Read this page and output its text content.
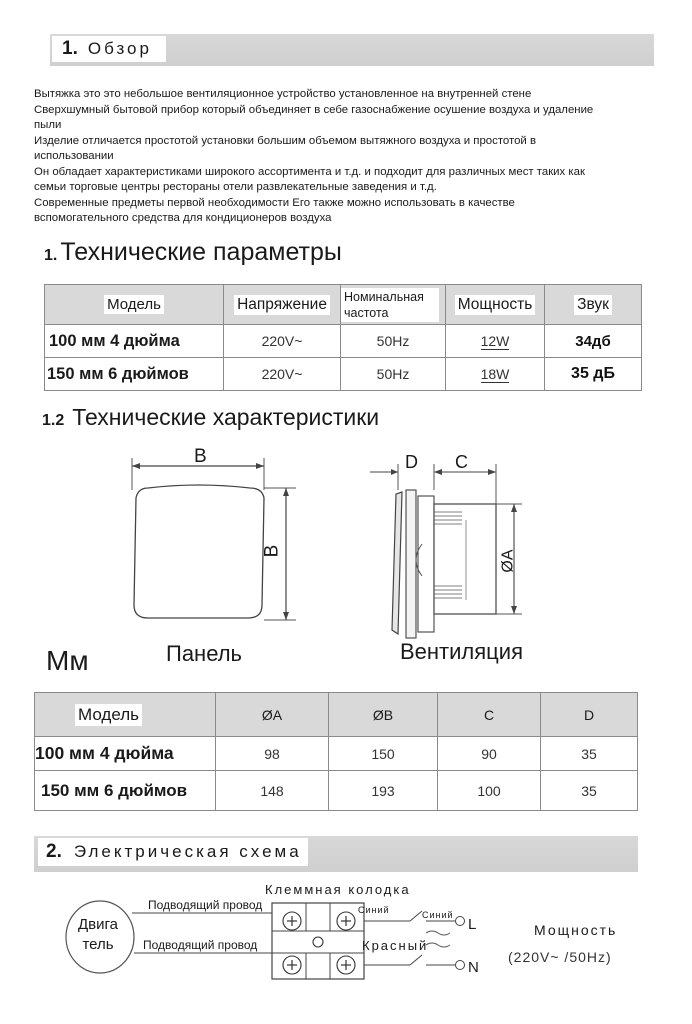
1. Обзор

Вытяжка это это небольшое вентиляционное устройство установленное на внутренней стене

Сверхшумный бытовой прибор который объединяет в себе газоснабжение осушение воздуха и удаление

пыли

Изделие отличается простотой установки большим объемом вытяжного воздуха и простотой в

использовании

Он обладает характеристиками широкого ассортимента и т.д. и подходит для различных мест таких как

семьи торговые центры рестораны отели развлекательные заведения и т.д.

Современные предметы первой необходимости Его также можно использовать в качестве

вспомогательного средства для кондиционеров воздуха

1. Технические параметры
Модель	Напряжение	Номинальная частота	Мощность	Звук
100 мм 4 дюйма	220V~	50Hz	12W	34дб
150 мм 6 дюймов	220V~	50Hz	18W	35 дБ
1.2 Технические характеристики
B
B
D C
ØA
Мм	Панель	Вентиляция
Модель	ØA	ØB	C	D
100 мм 4 дюйма	98	150	90	35
150 мм 6 дюймов	148	193	100	35
2. Электрическая схема
Клеммная колодка
Двига
тель
Подводящий провод
Подводящий провод
Синий	Синий
Красный
L
N
Мощность
(220V~ /50Hz)
